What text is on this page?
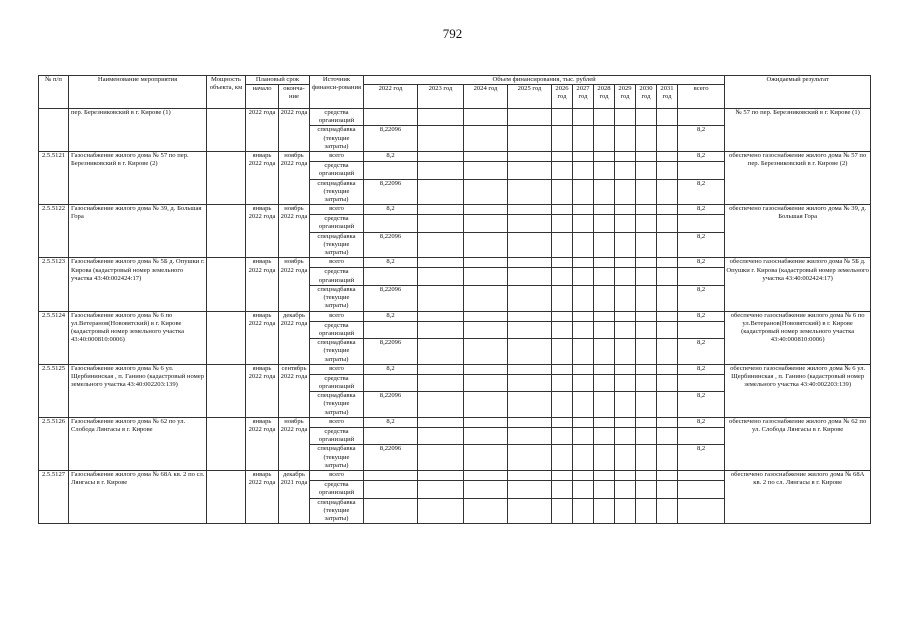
792
№ п/п	Наименование мероприятия	Мощность объекта, км	Плановый срок		Источник финанси-рования	Объем финансирования, тыс. рублей											Ожидаемый результат
			начало	оконча-ние		2022 год	2023 год	2024 год	2025 год	2026 год	2027 год	2028 год	2029 год	2030 год	2031 год	всего	
	пер. Березниковский в г. Кирове (1)		2022 года	2022 года	средства организаций												№ 57 по пер. Березниковский в г. Кирове (1)
					спецнадбавка (текущие затраты)	8,22096										8,2	
2.5.5121	Газоснабжение жилого дома № 57 по пер. Березниковский в г. Кирове (2)		январь 2022 года	ноябрь 2022 года	всего	8,2										8,2	обеспечено газоснабжение жилого дома № 57 по пер. Березниковский в г. Кирове (2)
					средства организаций												
					спецнадбавка (текущие затраты)	8,22096										8,2	
2.5.5122	Газоснабжение жилого дома № 39, д. Большая Гора		январь 2022 года	ноябрь 2022 года	всего	8,2										8,2	обеспечено газоснабжение жилого дома № 39, д. Большая Гора
					средства организаций												
					спецнадбавка (текущие затраты)	8,22096										8,2	
2.5.5123	Газоснабжение жилого дома № 5Б д. Опушки г. Кирова (кадастровый номер земельного участка 43:40:002424:17)		январь 2022 года	ноябрь 2022 года	всего	8,2										8,2	обеспечено газоснабжение жилого дома № 5Б д. Опушки г. Кирова (кадастровый номер земельного участка 43:40:002424:17)
					средства организаций												
					спецнадбавка (текущие затраты)	8,22096										8,2	
2.5.5124	Газоснабжение жилого дома № 6 по ул.Ветеранов(Нововятский) в г. Кирове (кадастровый номер земельного участка 43:40:000810:0006)		январь 2022 года	декабрь 2022 года	всего	8,2										8,2	обеспечено газоснабжение жилого дома № 6 по ул.Ветеранов(Нововятский) в г. Кирове (кадастровый номер земельного участка 43:40:000810:0006)
					средства организаций												
					спецнадбавка (текущие затраты)	8,22096										8,2	
2.5.5125	Газоснабжение жилого дома № 6 ул. Щербининская , п. Ганино (кадастровый номер земельного участка 43:40:002203:139)		январь 2022 года	сентябрь 2022 года	всего	8,2										8,2	обеспечено газоснабжение жилого дома № 6 ул. Щербининская , п. Ганино (кадастровый номер земельного участка 43:40:002203:139)
					средства организаций												
					спецнадбавка (текущие затраты)	8,22096										8,2	
2.5.5126	Газоснабжение жилого дома № 62 по ул. Слобода Лянгасы в г. Кирове		январь 2022 года	ноябрь 2022 года	всего	8,2										8,2	обеспечено газоснабжение жилого дома № 62 по ул. Слобода Лянгасы в г. Кирове
					средства организаций												
					спецнадбавка (текущие затраты)	8,22096										8,2	
2.5.5127	Газоснабжение жилого дома № 68А кв. 2 по сл. Лянгасы в г. Кирове		январь 2022 года	декабрь 2021 года	всего												обеспечено газоснабжение жилого дома № 68А кв. 2 по сл. Лянгасы в г. Кирове
					средства организаций												
					спецнадбавка (текущие затраты)												
